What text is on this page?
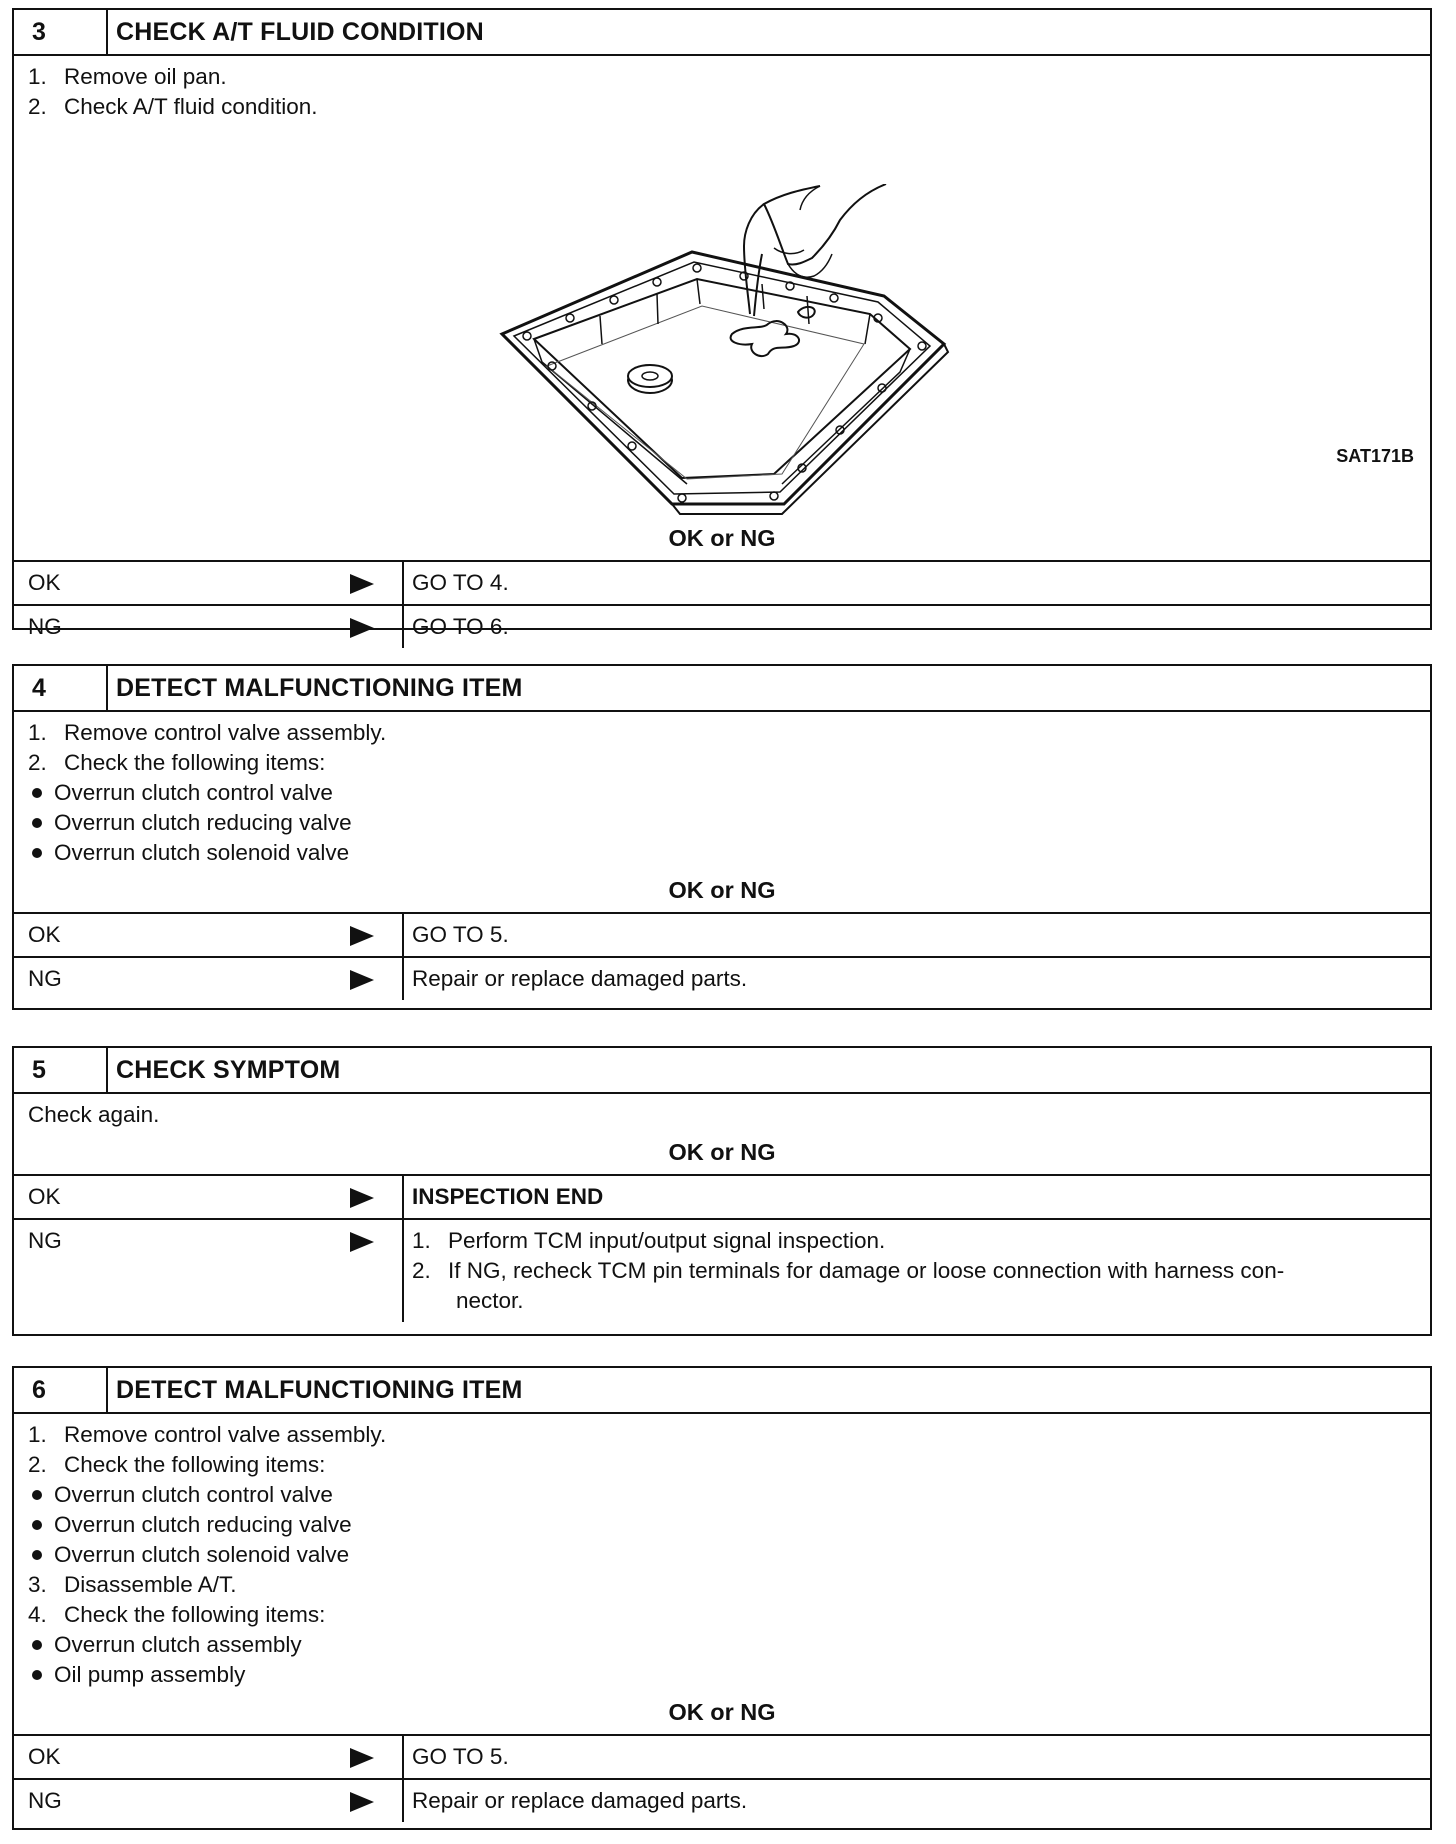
3	CHECK A/T FLUID CONDITION
1. Remove oil pan.
2. Check A/T fluid condition.
SAT171B
OK or NG
OK	GO TO 4.
NG	GO TO 6.
4	DETECT MALFUNCTIONING ITEM
1. Remove control valve assembly.
2. Check the following items:
Overrun clutch control valve
Overrun clutch reducing valve
Overrun clutch solenoid valve
OK or NG
OK	GO TO 5.
NG	Repair or replace damaged parts.
5	CHECK SYMPTOM
Check again.
OK or NG
OK	INSPECTION END
NG	1. Perform TCM input/output signal inspection.
2. If NG, recheck TCM pin terminals for damage or loose connection with harness con-
nector.
6	DETECT MALFUNCTIONING ITEM
1. Remove control valve assembly.
2. Check the following items:
Overrun clutch control valve
Overrun clutch reducing valve
Overrun clutch solenoid valve
3. Disassemble A/T.
4. Check the following items:
Overrun clutch assembly
Oil pump assembly
OK or NG
OK	GO TO 5.
NG	Repair or replace damaged parts.
